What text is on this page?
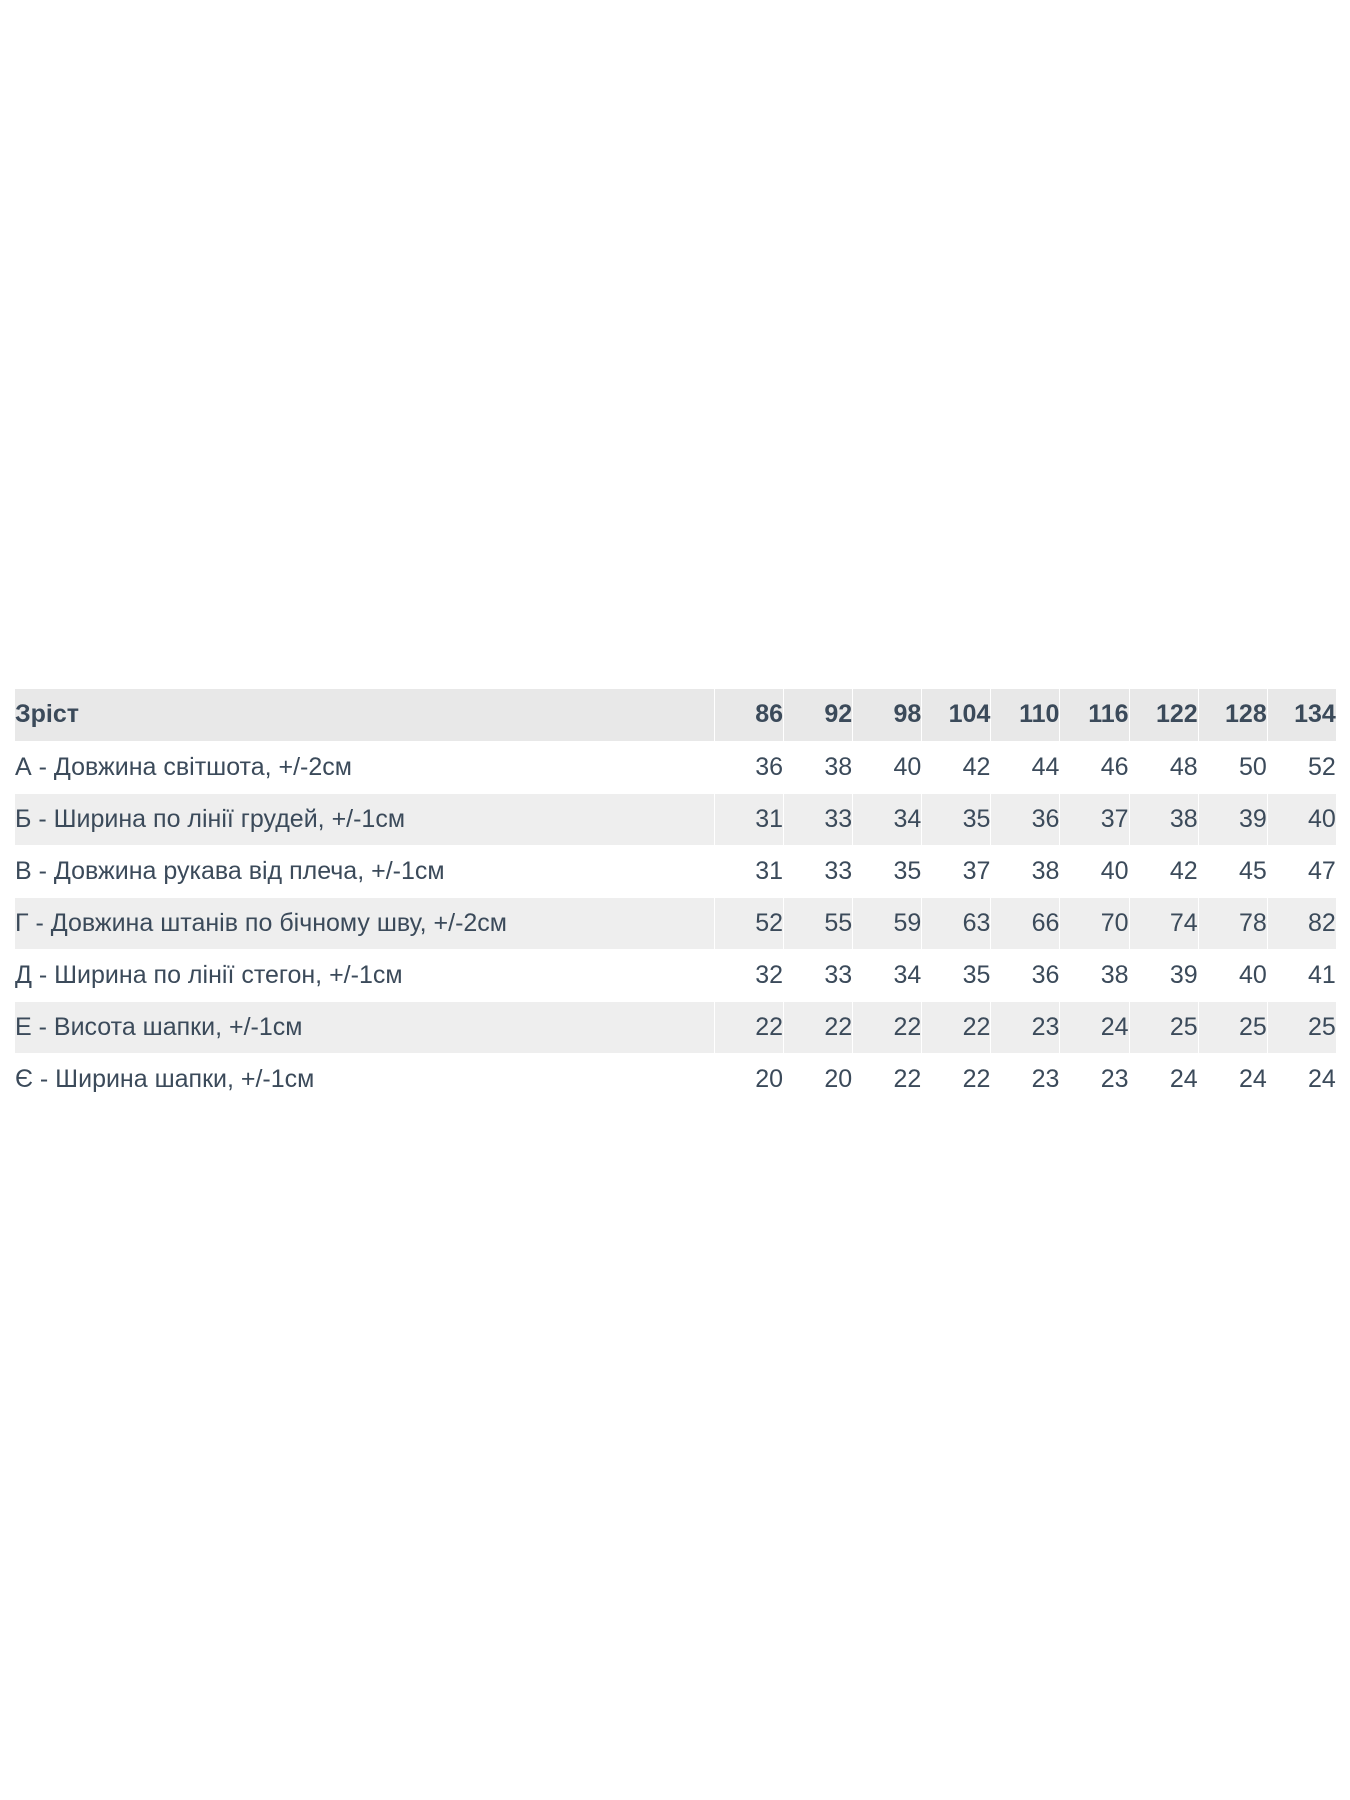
Зріст	86	92	98	104	110	116	122	128	134
А - Довжина світшота, +/-2см	36	38	40	42	44	46	48	50	52
Б - Ширина по лінії грудей, +/-1см	31	33	34	35	36	37	38	39	40
В - Довжина рукава від плеча, +/-1см	31	33	35	37	38	40	42	45	47
Г - Довжина штанів по бічному шву, +/-2см	52	55	59	63	66	70	74	78	82
Д - Ширина по лінії стегон, +/-1см	32	33	34	35	36	38	39	40	41
Е - Висота шапки, +/-1см	22	22	22	22	23	24	25	25	25
Є - Ширина шапки, +/-1см	20	20	22	22	23	23	24	24	24
